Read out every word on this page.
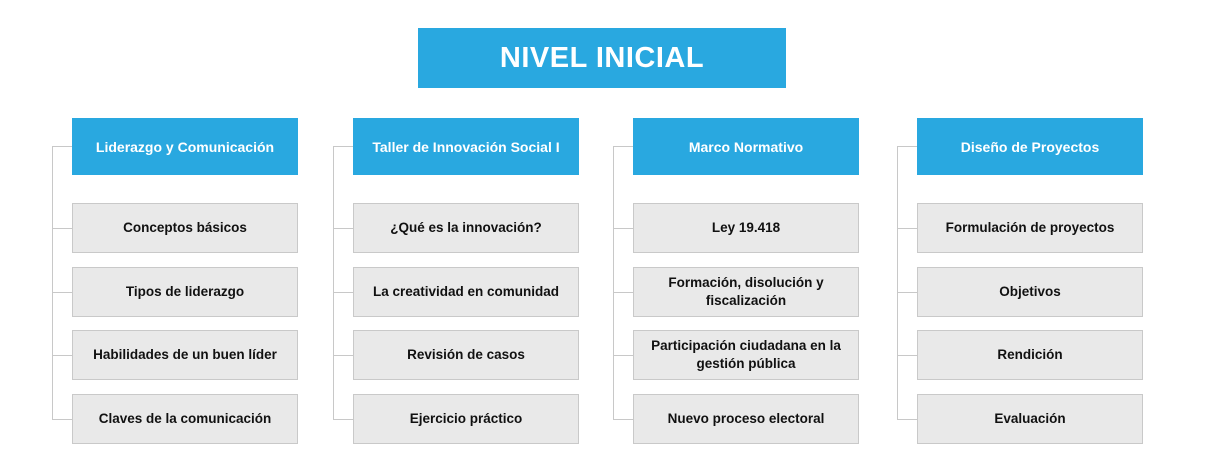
NIVEL INICIAL
Liderazgo y Comunicación
Conceptos básicos
Tipos de liderazgo
Habilidades de un buen líder
Claves de la comunicación
Taller de Innovación Social I
¿Qué es la innovación?
La creatividad en comunidad
Revisión de casos
Ejercicio práctico
Marco Normativo
Ley 19.418
Formación, disolución y fiscalización
Participación ciudadana en la gestión pública
Nuevo proceso electoral
Diseño de Proyectos
Formulación de proyectos
Objetivos
Rendición
Evaluación
